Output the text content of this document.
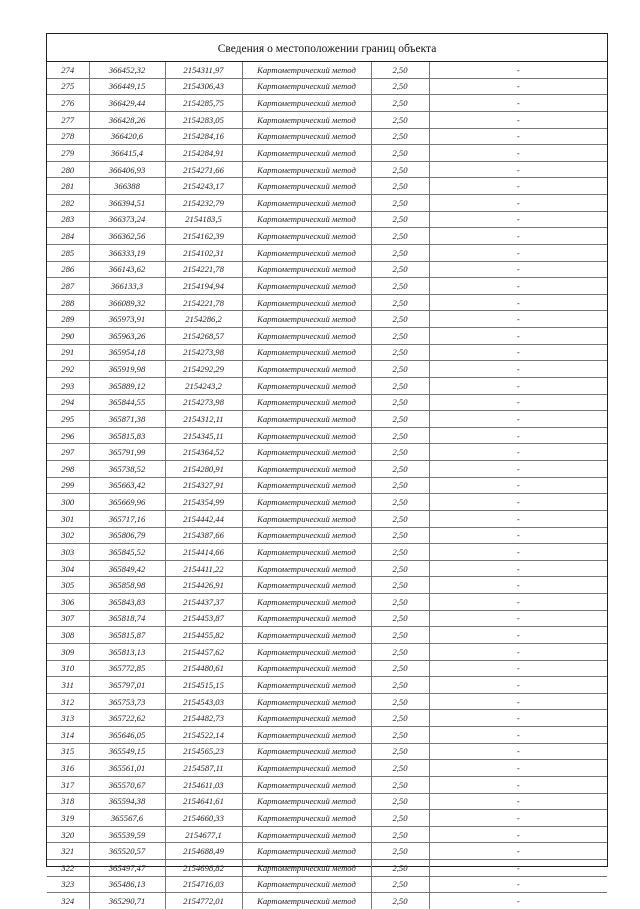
Сведения о местоположении границ объекта
274	366452,32	2154311,97	Картометрический метод	2,50	-
275	366449,15	2154306,43	Картометрический метод	2,50	-
276	366429,44	2154285,75	Картометрический метод	2,50	-
277	366428,26	2154283,05	Картометрический метод	2,50	-
278	366420,6	2154284,16	Картометрический метод	2,50	-
279	366415,4	2154284,91	Картометрический метод	2,50	-
280	366406,93	2154271,66	Картометрический метод	2,50	-
281	366388	2154243,17	Картометрический метод	2,50	-
282	366394,51	2154232,79	Картометрический метод	2,50	-
283	366373,24	2154183,5	Картометрический метод	2,50	-
284	366362,56	2154162,39	Картометрический метод	2,50	-
285	366333,19	2154102,31	Картометрический метод	2,50	-
286	366143,62	2154221,78	Картометрический метод	2,50	-
287	366133,3	2154194,94	Картометрический метод	2,50	-
288	366089,32	2154221,78	Картометрический метод	2,50	-
289	365973,91	2154286,2	Картометрический метод	2,50	-
290	365963,26	2154268,57	Картометрический метод	2,50	-
291	365954,18	2154273,98	Картометрический метод	2,50	-
292	365919,98	2154292,29	Картометрический метод	2,50	-
293	365889,12	2154243,2	Картометрический метод	2,50	-
294	365844,55	2154273,98	Картометрический метод	2,50	-
295	365871,38	2154312,11	Картометрический метод	2,50	-
296	365815,83	2154345,11	Картометрический метод	2,50	-
297	365791,99	2154364,52	Картометрический метод	2,50	-
298	365738,52	2154280,91	Картометрический метод	2,50	-
299	365663,42	2154327,91	Картометрический метод	2,50	-
300	365669,96	2154354,99	Картометрический метод	2,50	-
301	365717,16	2154442,44	Картометрический метод	2,50	-
302	365806,79	2154387,66	Картометрический метод	2,50	-
303	365845,52	2154414,66	Картометрический метод	2,50	-
304	365849,42	2154411,22	Картометрический метод	2,50	-
305	365858,98	2154426,91	Картометрический метод	2,50	-
306	365843,83	2154437,37	Картометрический метод	2,50	-
307	365818,74	2154453,87	Картометрический метод	2,50	-
308	365815,87	2154455,82	Картометрический метод	2,50	-
309	365813,13	2154457,62	Картометрический метод	2,50	-
310	365772,85	2154480,61	Картометрический метод	2,50	-
311	365797,01	2154515,15	Картометрический метод	2,50	-
312	365753,73	2154543,03	Картометрический метод	2,50	-
313	365722,62	2154482,73	Картометрический метод	2,50	-
314	365646,05	2154522,14	Картометрический метод	2,50	-
315	365549,15	2154565,23	Картометрический метод	2,50	-
316	365561,01	2154587,11	Картометрический метод	2,50	-
317	365570,67	2154611,03	Картометрический метод	2,50	-
318	365594,38	2154641,61	Картометрический метод	2,50	-
319	365567,6	2154660,33	Картометрический метод	2,50	-
320	365539,59	2154677,1	Картометрический метод	2,50	-
321	365520,57	2154688,49	Картометрический метод	2,50	-
322	365497,47	2154698,82	Картометрический метод	2,50	-
323	365486,13	2154716,03	Картометрический метод	2,50	-
324	365290,71	2154772,01	Картометрический метод	2,50	-
